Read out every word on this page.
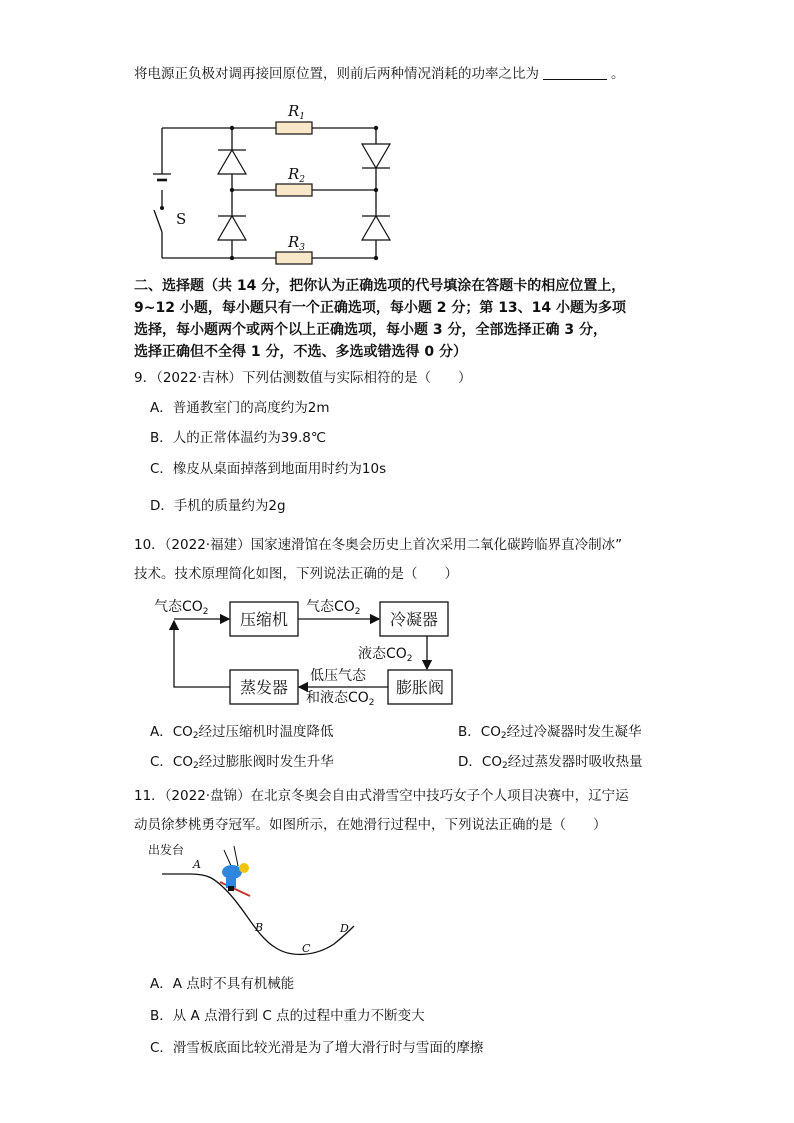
将电源正负极对调再接回原位置，则前后两种情况消耗的功率之比为	。
$R_1$
$R_2$
$R_3$
S
二、选择题（共 14 分，把你认为正确选项的代号填涂在答题卡的相应位置上，
9~12 小题，每小题只有一个正确选项，每小题 2 分；第 13、14 小题为多项
选择，每小题两个或两个以上正确选项，每小题 3 分，全部选择正确 3 分，
选择正确但不全得 1 分，不选、多选或错选得 0 分）
9．（2022·吉林）下列估测数值与实际相符的是（　　）
A．普通教室门的高度约为2m
B．人的正常体温约为39.8℃
C．橡皮从桌面掉落到地面用时约为10s
D．手机的质量约为2g
10．（2022·福建）国家速滑馆在冬奥会历史上首次采用二氧化碳跨临界直冷制冰”
技术。技术原理简化如图，下列说法正确的是（　　）
压缩机	冷凝器
膨胀阀
蒸发器
气态$CO_2$	气态$CO_2$
液态$CO_2$
低压气态
和液态$CO_2$
A．$CO_2$经过压缩机时温度降低	B．$CO_2$经过冷凝器时发生凝华
C．$CO_2$经过膨胀阀时发生升华	D．$CO_2$经过蒸发器时吸收热量
11．（2022·盘锦）在北京冬奥会自由式滑雪空中技巧女子个人项目决赛中，辽宁运
动员徐梦桃勇夺冠军。如图所示，在她滑行过程中，下列说法正确的是（　　）
出发台
A
B
C
D
A．A 点时不具有机械能
B．从 A 点滑行到 C 点的过程中重力不断变大
C．滑雪板底面比较光滑是为了增大滑行时与雪面的摩擦
